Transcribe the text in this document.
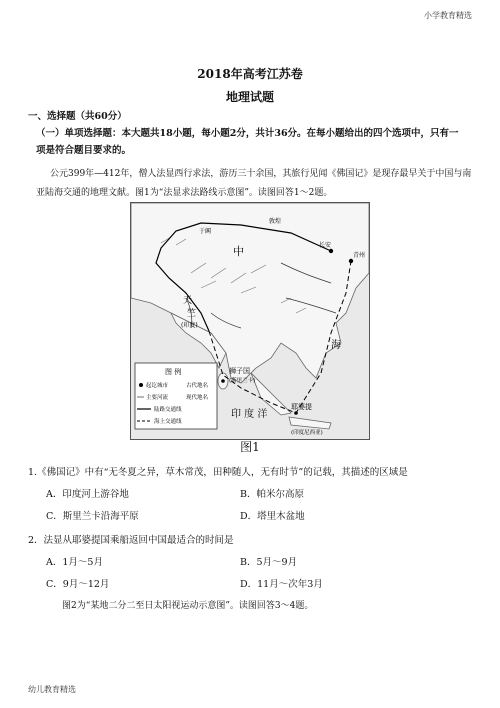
小学教育精选
2018年高考江苏卷
地理试题
一、选择题（共60分）
（一）单项选择题：本大题共18小题，每小题2分，共计36分。在每小题给出的四个选项中，只有一项是符合题目要求的。
公元399年—412年，僧人法显西行求法，游历三十余国，其旅行见闻《佛国记》是现存最早关于中国与南亚陆海交通的地理文献。图1为“法显求法路线示意图”。读图回答1～2题。
长安
青州
敦煌
于阗
中
天
竺
(印度)
狮子国
(斯里兰卡)
耶婆提
(印度尼西亚)
印 度 洋
海
图 例
起讫城市	古代地名
主要河流	现代地名
陆路交通线
海上交通线
图1
1.《佛国记》中有“无冬夏之异，草木常茂，田种随人，无有时节”的记载，其描述的区域是
A．印度河上游谷地	B．帕米尔高原
C．斯里兰卡沿海平原	D．塔里木盆地
2．法显从耶婆提国乘船返回中国最适合的时间是
A．1月～5月	B．5月～9月
C．9月～12月	D．11月～次年3月
图2为“某地二分二至日太阳视运动示意图”。读图回答3～4题。
幼儿教育精选
